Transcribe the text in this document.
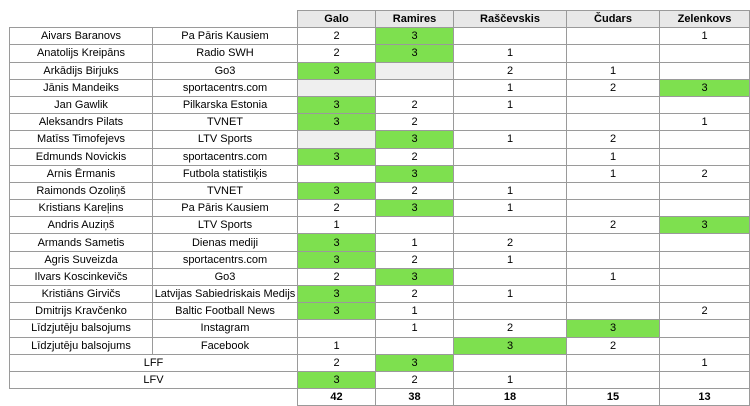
		Galo	Ramires	Raščevskis	Čudars	Zelenkovs
Aivars Baranovs	Pa Pāris Kausiem	2	3			1
Anatolijs Kreipāns	Radio SWH	2	3	1		
Arkādijs Birjuks	Go3	3		2	1	
Jānis Mandeiks	sportacentrs.com			1	2	3
Jan Gawlik	Pilkarska Estonia	3	2	1		
Aleksandrs Pilats	TVNET	3	2			1
Matīss Timofejevs	LTV Sports		3	1	2	
Edmunds Novickis	sportacentrs.com	3	2		1	
Arnis Ērmanis	Futbola statistiķis		3		1	2
Raimonds Ozoliņš	TVNET	3	2	1		
Kristians Kareļins	Pa Pāris Kausiem	2	3	1		
Andris Auziņš	LTV Sports	1			2	3
Armands Sametis	Dienas mediji	3	1	2		
Agris Suveizda	sportacentrs.com	3	2	1		
Ilvars Koscinkevičs	Go3	2	3		1	
Kristiāns Girvičs	Latvijas Sabiedriskais Medijs	3	2	1		
Dmitrijs Kravčenko	Baltic Football News	3	1			2
Līdzjutēju balsojums	Instagram		1	2	3	
Līdzjutēju balsojums	Facebook	1		3	2	
LFF		2	3			1
LFV		3	2	1		
		42	38	18	15	13
